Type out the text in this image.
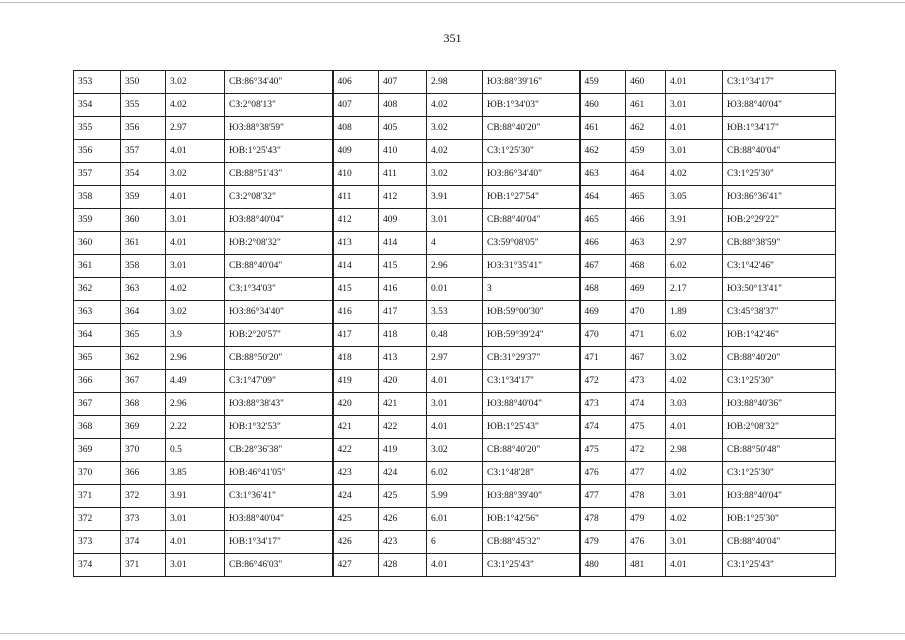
351
353	350	3.02	СВ:86°34'40"	406	407	2.98	ЮЗ:88°39'16"	459	460	4.01	СЗ:1°34'17"
354	355	4.02	СЗ:2°08'13"	407	408	4.02	ЮВ:1°34'03"	460	461	3.01	ЮЗ:88°40'04"
355	356	2.97	ЮЗ:88°38'59"	408	405	3.02	СВ:88°40'20"	461	462	4.01	ЮВ:1°34'17"
356	357	4.01	ЮВ:1°25'43"	409	410	4.02	СЗ:1°25'30"	462	459	3.01	СВ:88°40'04"
357	354	3.02	СВ:88°51'43"	410	411	3.02	ЮЗ:86°34'40"	463	464	4.02	СЗ:1°25'30"
358	359	4.01	СЗ:2°08'32"	411	412	3.91	ЮВ:1°27'54"	464	465	3.05	ЮЗ:86°36'41"
359	360	3.01	ЮЗ:88°40'04"	412	409	3.01	СВ:88°40'04"	465	466	3.91	ЮВ:2°29'22"
360	361	4.01	ЮВ:2°08'32"	413	414	4	СЗ:59°08'05"	466	463	2.97	СВ:88°38'59"
361	358	3.01	СВ:88°40'04"	414	415	2.96	ЮЗ:31°35'41"	467	468	6.02	СЗ:1°42'46"
362	363	4.02	СЗ:1°34'03"	415	416	0.01	З	468	469	2.17	ЮЗ:50°13'41"
363	364	3.02	ЮЗ:86°34'40"	416	417	3.53	ЮВ:59°00'30"	469	470	1.89	СЗ:45°38'37"
364	365	3.9	ЮВ:2°20'57"	417	418	0.48	ЮВ:59°39'24"	470	471	6.02	ЮВ:1°42'46"
365	362	2.96	СВ:88°50'20"	418	413	2.97	СВ:31°29'37"	471	467	3.02	СВ:88°40'20"
366	367	4.49	СЗ:1°47'09"	419	420	4.01	СЗ:1°34'17"	472	473	4.02	СЗ:1°25'30"
367	368	2.96	ЮЗ:88°38'43"	420	421	3.01	ЮЗ:88°40'04"	473	474	3.03	ЮЗ:88°40'36"
368	369	2.22	ЮВ:1°32'53"	421	422	4.01	ЮВ:1°25'43"	474	475	4.01	ЮВ:2°08'32"
369	370	0.5	СВ:28°36'38"	422	419	3.02	СВ:88°40'20"	475	472	2.98	СВ:88°50'48"
370	366	3.85	ЮВ:46°41'05"	423	424	6.02	СЗ:1°48'28"	476	477	4.02	СЗ:1°25'30"
371	372	3.91	СЗ:1°36'41"	424	425	5.99	ЮЗ:88°39'40"	477	478	3.01	ЮЗ:88°40'04"
372	373	3.01	ЮЗ:88°40'04"	425	426	6.01	ЮВ:1°42'56"	478	479	4.02	ЮВ:1°25'30"
373	374	4.01	ЮВ:1°34'17"	426	423	6	СВ:88°45'32"	479	476	3.01	СВ:88°40'04"
374	371	3.01	СВ:86°46'03"	427	428	4.01	СЗ:1°25'43"	480	481	4.01	СЗ:1°25'43"
